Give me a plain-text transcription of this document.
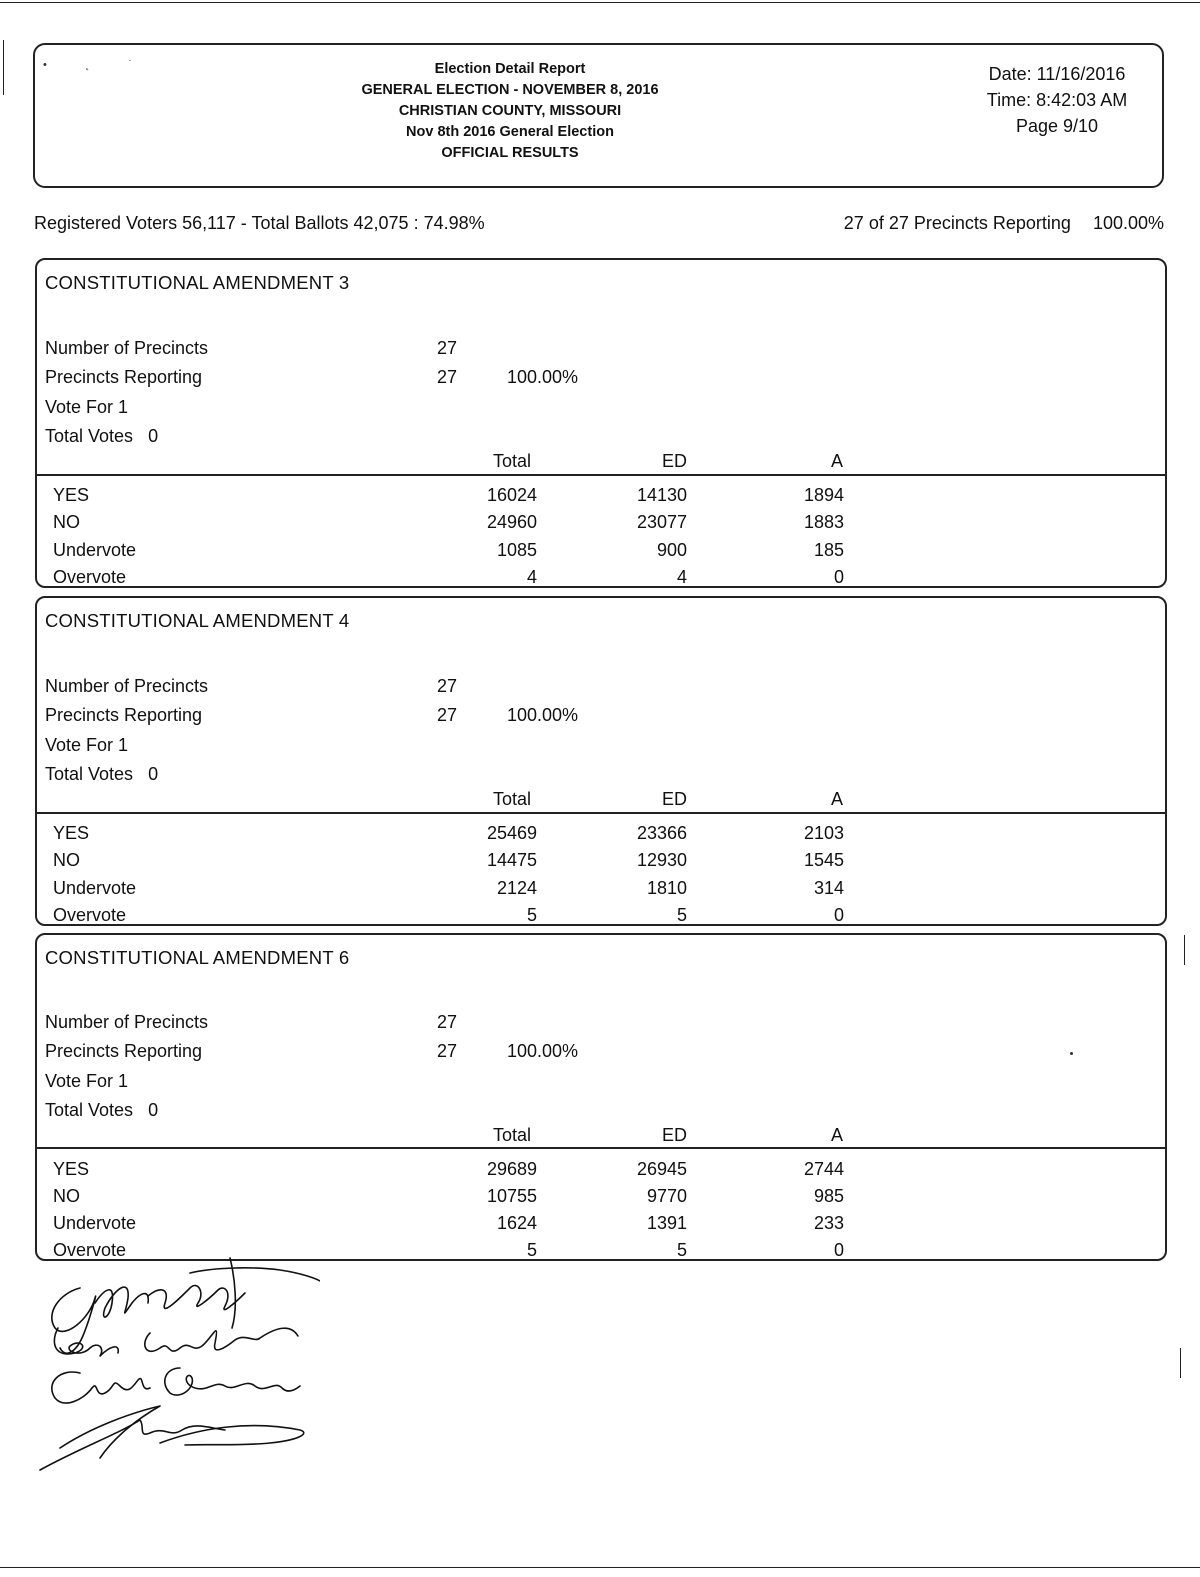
• ˛ ˙	Election Detail Report
GENERAL ELECTION - NOVEMBER 8, 2016
CHRISTIAN COUNTY, MISSOURI
Nov 8th 2016 General Election
OFFICIAL RESULTS
Date: 11/16/2016
Time: 8:42:03 AM
Page 9/10
Registered Voters 56,117 - Total Ballots 42,075 : 74.98%	27 of 27 Precincts Reporting 100.00%
CONSTITUTIONAL AMENDMENT 3
Number of Precincts	27
Precincts Reporting	27	100.00%
Vote For 1
Total Votes 0
Total	ED	A
YES	16024	14130	1894
NO	24960	23077	1883
Undervote	1085	900	185
Overvote	4	4	0
CONSTITUTIONAL AMENDMENT 4
Number of Precincts	27
Precincts Reporting	27	100.00%
Vote For 1
Total Votes 0
Total	ED	A
YES	25469	23366	2103
NO	14475	12930	1545
Undervote	2124	1810	314
Overvote	5	5	0
CONSTITUTIONAL AMENDMENT 6
Number of Precincts	27
Precincts Reporting	27	100.00%
Vote For 1
Total Votes 0
Total	ED	A
YES	29689	26945	2744
NO	10755	9770	985
Undervote	1624	1391	233
Overvote	5	5	0
